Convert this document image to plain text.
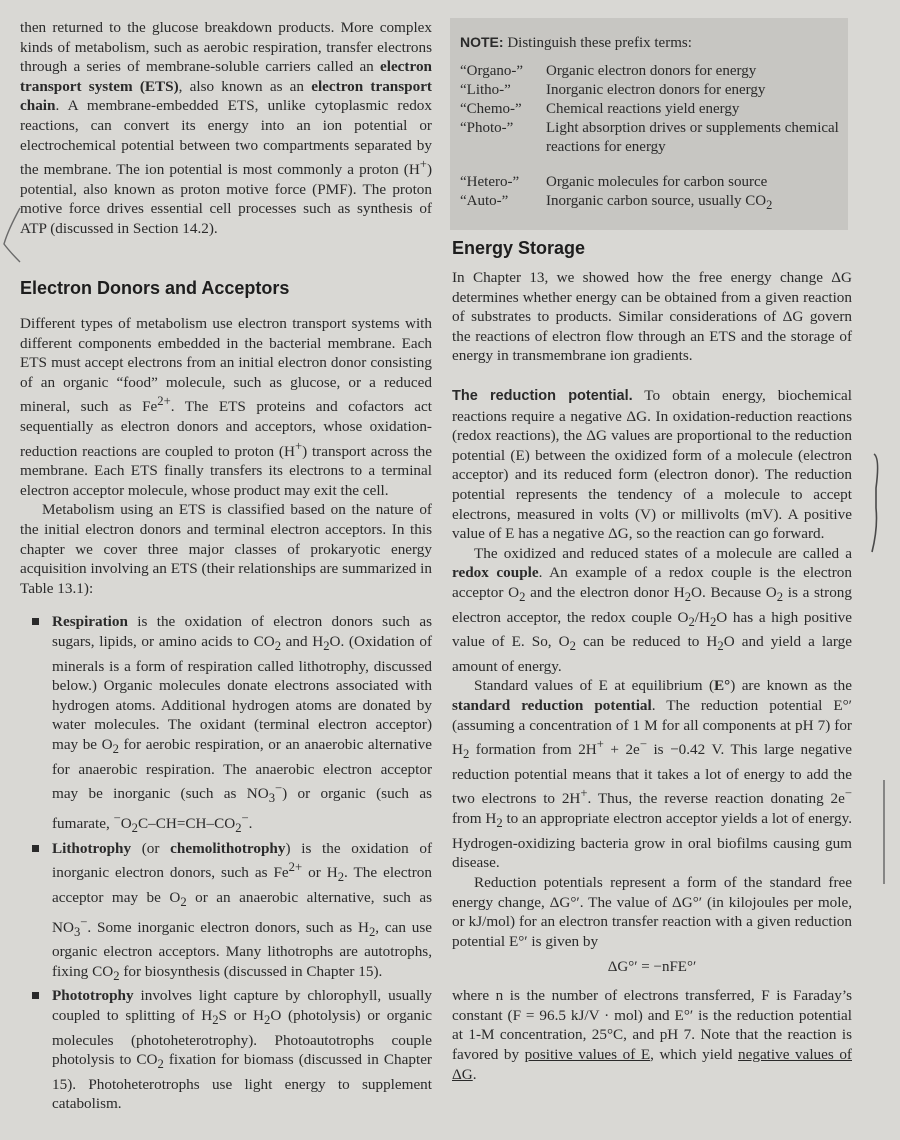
then returned to the glucose breakdown products. More complex kinds of metabolism, such as aerobic respiration, transfer electrons through a series of membrane-soluble carriers called an electron transport system (ETS), also known as an electron transport chain. A membrane-embedded ETS, unlike cytoplasmic redox reactions, can convert its energy into an ion potential or electrochemical potential between two compartments separated by the membrane. The ion potential is most commonly a proton (H+) potential, also known as proton motive force (PMF). The proton motive force drives essential cell processes such as synthesis of ATP (discussed in Section 14.2).

Electron Donors and Acceptors

Different types of metabolism use electron transport systems with different components embedded in the bacterial membrane. Each ETS must accept electrons from an initial electron donor consisting of an organic “food” molecule, such as glucose, or a reduced mineral, such as $Fe^{2+}$. The ETS proteins and cofactors act sequentially as electron donors and acceptors, whose oxidation-reduction reactions are coupled to proton (H+) transport across the membrane. Each ETS finally transfers its electrons to a terminal electron acceptor molecule, whose product may exit the cell.

Metabolism using an ETS is classified based on the nature of the initial electron donors and terminal electron acceptors. In this chapter we cover three major classes of prokaryotic energy acquisition involving an ETS (their relationships are summarized in Table 13.1):

Respiration is the oxidation of electron donors such as sugars, lipids, or amino acids to $CO_2$ and $H_2O$. (Oxidation of minerals is a form of respiration called lithotrophy, discussed below.) Organic molecules donate electrons associated with hydrogen atoms. Additional hydrogen atoms are donated by water molecules. The oxidant (terminal electron acceptor) may be $O_2$ for aerobic respiration, or an anaerobic alternative for anaerobic respiration. The anaerobic electron acceptor may be inorganic (such as $NO_3^-$) or organic (such as fumarate, $^-O_2C-CH=CH-CO_2^-$.

Lithotrophy (or chemolithotrophy) is the oxidation of inorganic electron donors, such as $Fe^{2+}$ or $H_2$. The electron acceptor may be $O_2$ or an anaerobic alternative, such as $NO_3^-$. Some inorganic electron donors, such as $H_2$, can use organic electron acceptors. Many lithotrophs are autotrophs, fixing $CO_2$ for biosynthesis (discussed in Chapter 15).

Phototrophy involves light capture by chlorophyll, usually coupled to splitting of $H_2S$ or $H_2O$ (photolysis) or organic molecules (photoheterotrophy). Photoautotrophs couple photolysis to $CO_2$ fixation for biomass (discussed in Chapter 15). Photoheterotrophs use light energy to supplement catabolism.

NOTE: Distinguish these prefix terms:
“Organo-”	Organic electron donors for energy
“Litho-”	Inorganic electron donors for energy
“Chemo-”	Chemical reactions yield energy
“Photo-”	Light absorption drives or supplements chemical reactions for energy
“Hetero-”	Organic molecules for carbon source
“Auto-”	Inorganic carbon source, usually $CO_2$
Energy Storage

In Chapter 13, we showed how the free energy change ΔG determines whether energy can be obtained from a given reaction of substrates to products. Similar considerations of ΔG govern the reactions of electron flow through an ETS and the storage of energy in transmembrane ion gradients.

The reduction potential. To obtain energy, biochemical reactions require a negative ΔG. In oxidation-reduction reactions (redox reactions), the ΔG values are proportional to the reduction potential (E) between the oxidized form of a molecule (electron acceptor) and its reduced form (electron donor). The reduction potential represents the tendency of a molecule to accept electrons, measured in volts (V) or millivolts (mV). A positive value of E has a negative ΔG, so the reaction can go forward.

The oxidized and reduced states of a molecule are called a redox couple. An example of a redox couple is the electron acceptor $O_2$ and the electron donor $H_2O$. Because $O_2$ is a strong electron acceptor, the redox couple $O_2/H_2O$ has a high positive value of E. So, $O_2$ can be reduced to $H_2O$ and yield a large amount of energy.

Standard values of E at equilibrium (E°) are known as the standard reduction potential. The reduction potential E°′ (assuming a concentration of 1 M for all components at pH 7) for $H_2$ formation from 2H+ + 2e− is −0.42 V. This large negative reduction potential means that it takes a lot of energy to add the two electrons to 2H+. Thus, the reverse reaction donating 2e− from $H_2$ to an appropriate electron acceptor yields a lot of energy. Hydrogen-oxidizing bacteria grow in oral biofilms causing gum disease.

Reduction potentials represent a form of the standard free energy change, ΔG°′. The value of ΔG°′ (in kilojoules per mole, or kJ/mol) for an electron transfer reaction with a given reduction potential E°′ is given by

ΔG°′ = −nFE°′

where n is the number of electrons transferred, F is Faraday’s constant (F = 96.5 kJ/V · mol) and E°′ is the reduction potential at 1-M concentration, 25°C, and pH 7. Note that the reaction is favored by positive values of E, which yield negative values of ΔG.
